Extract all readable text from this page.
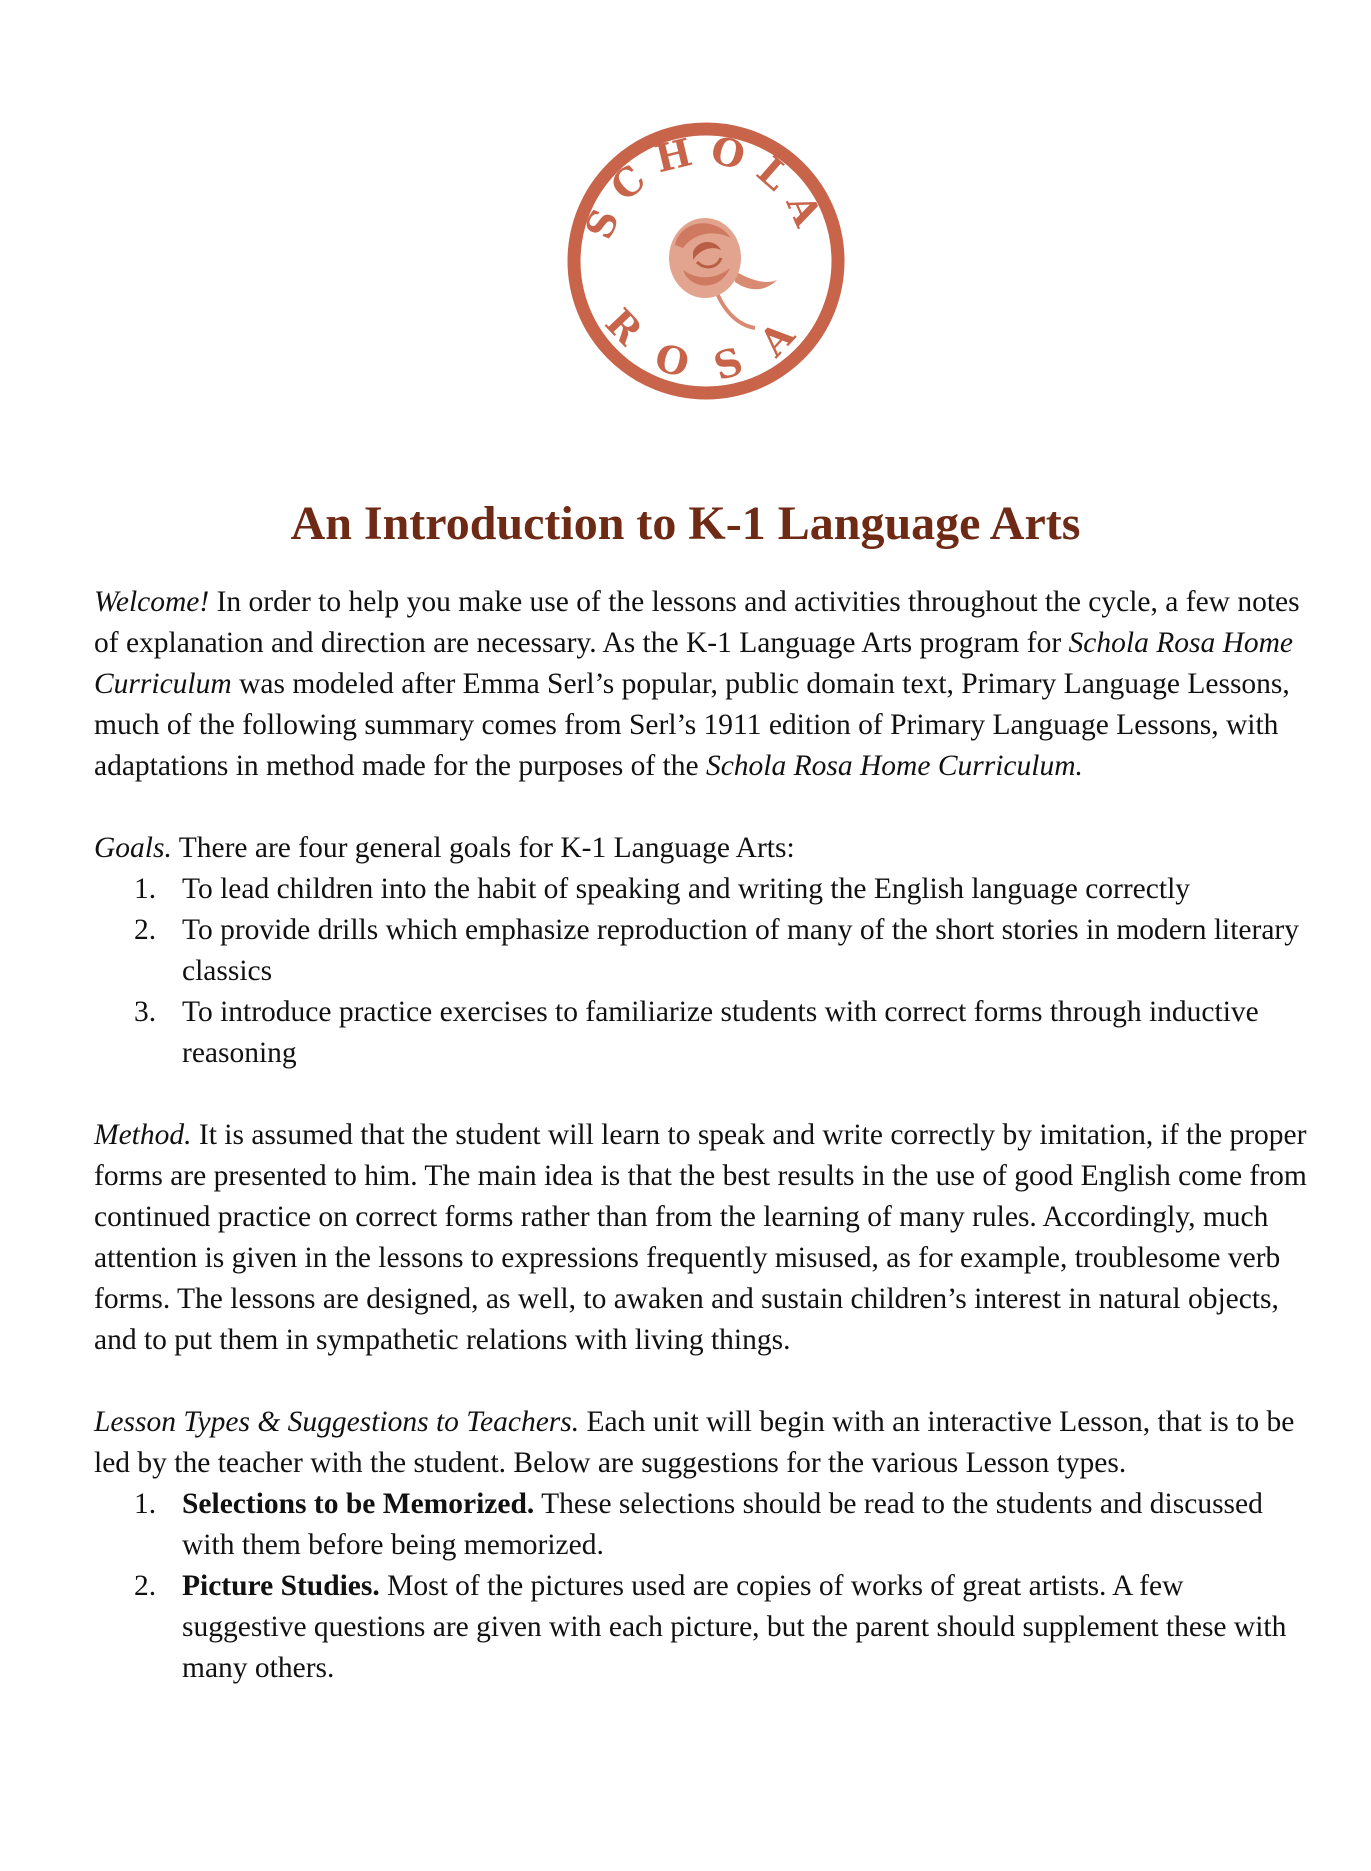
SCHOLA
ROSA
An Introduction to K-1 Language Arts

Welcome! In order to help you make use of the lessons and activities throughout the cycle, a few notes of explanation and direction are necessary. As the K-1 Language Arts program for Schola Rosa Home Curriculum was modeled after Emma Serl’s popular, public domain text, Primary Language Lessons, much of the following summary comes from Serl’s 1911 edition of Primary Language Lessons, with adaptations in method made for the purposes of the Schola Rosa Home Curriculum.

Goals. There are four general goals for K-1 Language Arts:

1. To lead children into the habit of speaking and writing the English language correctly
2. To provide drills which emphasize reproduction of many of the short stories in modern literary classics
3. To introduce practice exercises to familiarize students with correct forms through inductive reasoning

Method. It is assumed that the student will learn to speak and write correctly by imitation, if the proper forms are presented to him. The main idea is that the best results in the use of good English come from continued practice on correct forms rather than from the learning of many rules. Accordingly, much attention is given in the lessons to expressions frequently misused, as for example, troublesome verb forms. The lessons are designed, as well, to awaken and sustain children’s interest in natural objects, and to put them in sympathetic relations with living things.

Lesson Types & Suggestions to Teachers. Each unit will begin with an interactive Lesson, that is to be led by the teacher with the student. Below are suggestions for the various Lesson types.

1. Selections to be Memorized. These selections should be read to the students and discussed with them before being memorized.
2. Picture Studies. Most of the pictures used are copies of works of great artists. A few suggestive questions are given with each picture, but the parent should supplement these with many others.
